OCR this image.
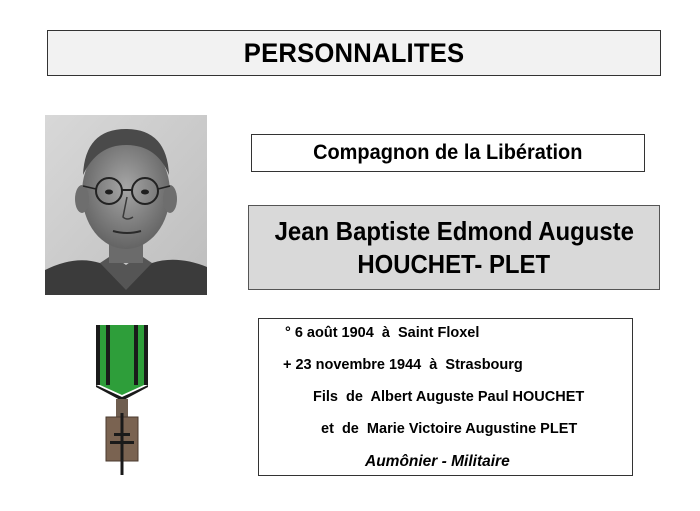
PERSONNALITES
Compagnon de la Libération
Jean Baptiste Edmond Auguste
HOUCHET- PLET
° 6 août 1904  à  Saint Floxel
+ 23 novembre 1944  à  Strasbourg
Fils  de  Albert Auguste Paul HOUCHET
et  de  Marie Victoire Augustine PLET
Aumônier - Militaire
